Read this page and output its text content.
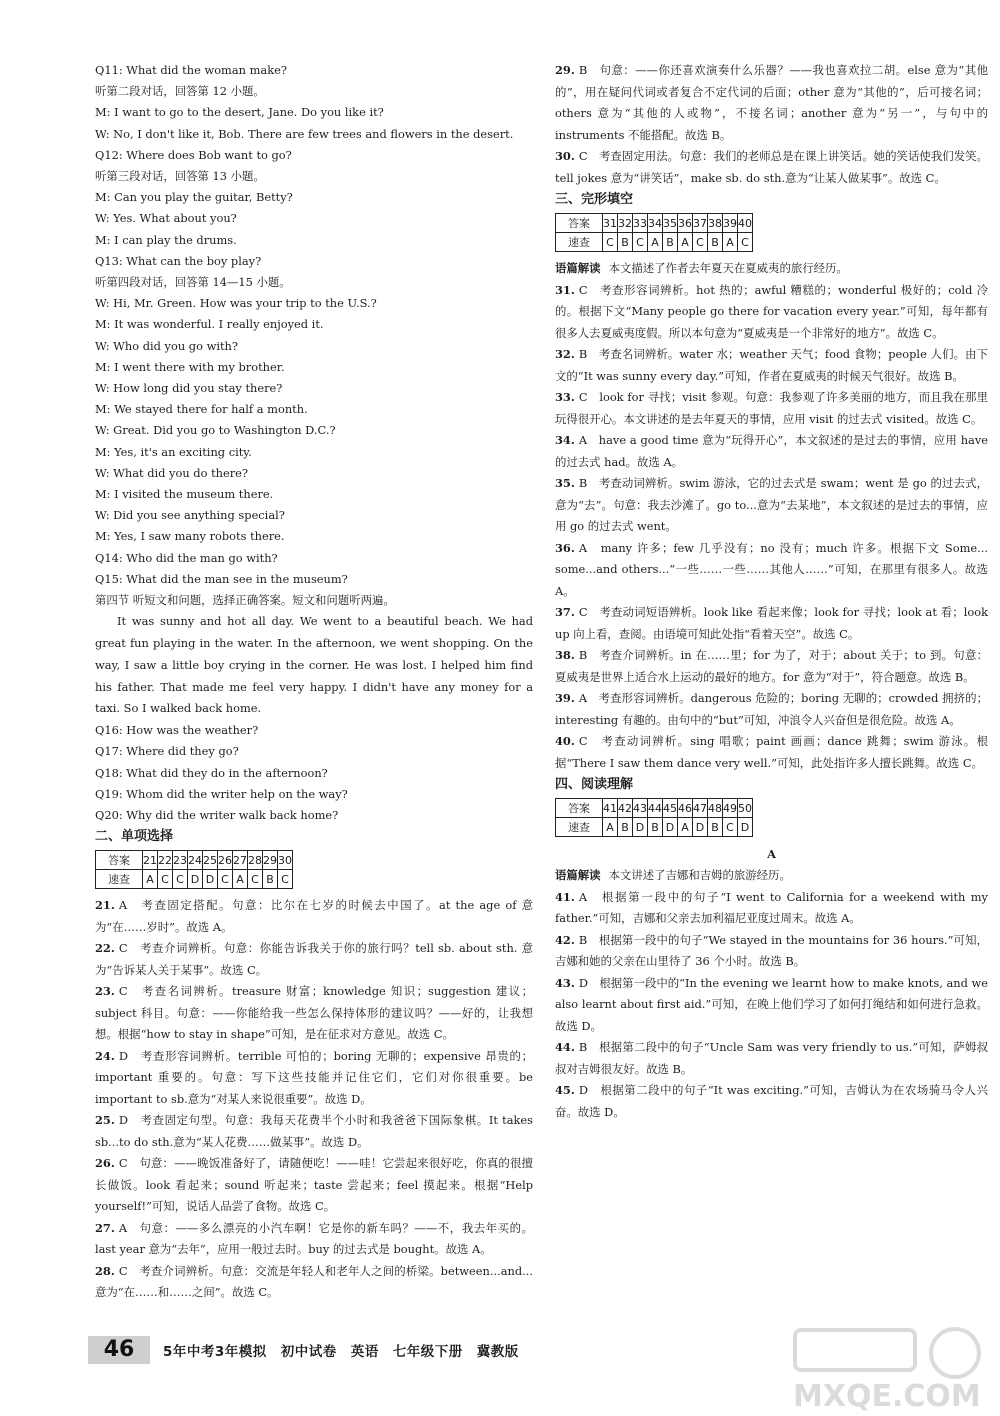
Q11: What did the woman make?
听第二段对话，回答第 12 小题。
M: I want to go to the desert, Jane. Do you like it?
W: No, I don't like it, Bob. There are few trees and flowers in the desert.
Q12: Where does Bob want to go?
听第三段对话，回答第 13 小题。
M: Can you play the guitar, Betty?
W: Yes. What about you?
M: I can play the drums.
Q13: What can the boy play?
听第四段对话，回答第 14—15 小题。
W: Hi, Mr. Green. How was your trip to the U.S.?
M: It was wonderful. I really enjoyed it.
W: Who did you go with?
M: I went there with my brother.
W: How long did you stay there?
M: We stayed there for half a month.
W: Great. Did you go to Washington D.C.?
M: Yes, it's an exciting city.
W: What did you do there?
M: I visited the museum there.
W: Did you see anything special?
M: Yes, I saw many robots there.
Q14: Who did the man go with?
Q15: What did the man see in the museum?
第四节 听短文和问题，选择正确答案。短文和问题听两遍。
It was sunny and hot all day. We went to a beautiful beach. We had great fun playing in the water. In the afternoon, we went shopping. On the way, I saw a little boy crying in the corner. He was lost. I helped him find his father. That made me feel very happy. I didn't have any money for a taxi. So I walked back home.
Q16: How was the weather?
Q17: Where did they go?
Q18: What did they do in the afternoon?
Q19: Whom did the writer help on the way?
Q20: Why did the writer walk back home?
二、单项选择
答案	21	22	23	24	25	26	27	28	29	30
速查	A	C	C	D	D	C	A	C	B	C
21. A　考查固定搭配。句意：比尔在七岁的时候去中国了。at the age of 意为“在……岁时”。故选 A。
22. C　考查介词辨析。句意：你能告诉我关于你的旅行吗？tell sb. about sth. 意为“告诉某人关于某事”。故选 C。
23. C　考查名词辨析。treasure 财富；knowledge 知识；suggestion 建议；subject 科目。句意：——你能给我一些怎么保持体形的建议吗？——好的，让我想想。根据“how to stay in shape”可知，是在征求对方意见。故选 C。
24. D　考查形容词辨析。terrible 可怕的；boring 无聊的；expensive 昂贵的；important 重要的。句意：写下这些技能并记住它们，它们对你很重要。be important to sb.意为“对某人来说很重要”。故选 D。
25. D　考查固定句型。句意：我每天花费半个小时和我爸爸下国际象棋。It takes sb...to do sth.意为“某人花费……做某事”。故选 D。
26. C　句意：——晚饭准备好了，请随便吃！——哇！它尝起来很好吃，你真的很擅长做饭。look 看起来；sound 听起来；taste 尝起来；feel 摸起来。根据“Help yourself!”可知，说话人品尝了食物。故选 C。
27. A　句意：——多么漂亮的小汽车啊！它是你的新车吗？——不，我去年买的。last year 意为“去年”，应用一般过去时。buy 的过去式是 bought。故选 A。
28. C　考查介词辨析。句意：交流是年轻人和老年人之间的桥梁。between...and...意为“在……和……之间”。故选 C。
29. B　句意：——你还喜欢演奏什么乐器？——我也喜欢拉二胡。else 意为“其他的”，用在疑问代词或者复合不定代词的后面；other 意为“其他的”，后可接名词；others 意为“其他的人或物”，不接名词；another 意为“另一”，与句中的 instruments 不能搭配。故选 B。
30. C　考查固定用法。句意：我们的老师总是在课上讲笑话。她的笑话使我们发笑。tell jokes 意为“讲笑话”，make sb. do sth.意为“让某人做某事”。故选 C。
三、完形填空
答案	31	32	33	34	35	36	37	38	39	40
速查	C	B	C	A	B	A	C	B	A	C
语篇解读 本文描述了作者去年夏天在夏威夷的旅行经历。
31. C　考查形容词辨析。hot 热的；awful 糟糕的；wonderful 极好的；cold 冷的。根据下文“Many people go there for vacation every year.”可知，每年都有很多人去夏威夷度假。所以本句意为“夏威夷是一个非常好的地方”。故选 C。
32. B　考查名词辨析。water 水；weather 天气；food 食物；people 人们。由下文的“It was sunny every day.”可知，作者在夏威夷的时候天气很好。故选 B。
33. C　look for 寻找；visit 参观。句意：我参观了许多美丽的地方，而且我在那里玩得很开心。本文讲述的是去年夏天的事情，应用 visit 的过去式 visited。故选 C。
34. A　have a good time 意为“玩得开心”，本文叙述的是过去的事情，应用 have 的过去式 had。故选 A。
35. B　考查动词辨析。swim 游泳，它的过去式是 swam；went 是 go 的过去式，意为“去”。句意：我去沙滩了。go to...意为“去某地”，本文叙述的是过去的事情，应用 go 的过去式 went。
36. A　many 许多；few 几乎没有；no 没有；much 许多。根据下文 Some... some...and others...“一些……一些……其他人……”可知，在那里有很多人。故选 A。
37. C　考查动词短语辨析。look like 看起来像；look for 寻找；look at 看；look up 向上看，查阅。由语境可知此处指“看着天空”。故选 C。
38. B　考查介词辨析。in 在……里；for 为了，对于；about 关于；to 到。句意：夏威夷是世界上适合水上运动的最好的地方。for 意为“对于”，符合题意。故选 B。
39. A　考查形容词辨析。dangerous 危险的；boring 无聊的；crowded 拥挤的；interesting 有趣的。由句中的“but”可知，冲浪令人兴奋但是很危险。故选 A。
40. C　考查动词辨析。sing 唱歌；paint 画画；dance 跳舞；swim 游泳。根据“There I saw them dance very well.”可知，此处指许多人擅长跳舞。故选 C。
四、阅读理解
答案	41	42	43	44	45	46	47	48	49	50
速查	A	B	D	B	D	A	D	B	C	D
A
语篇解读 本文讲述了吉娜和吉姆的旅游经历。
41. A　根据第一段中的句子“I went to California for a weekend with my father.”可知，吉娜和父亲去加利福尼亚度过周末。故选 A。
42. B　根据第一段中的句子“We stayed in the mountains for 36 hours.”可知，吉娜和她的父亲在山里待了 36 个小时。故选 B。
43. D　根据第一段中的“In the evening we learnt how to make knots, and we also learnt about first aid.”可知，在晚上他们学习了如何打绳结和如何进行急救。故选 D。
44. B　根据第二段中的句子“Uncle Sam was very friendly to us.”可知，萨姆叔叔对吉姆很友好。故选 B。
45. D　根据第二段中的句子“It was exciting.”可知，吉姆认为在农场骑马令人兴奋。故选 D。
46	5年中考3年模拟　初中试卷　英语　七年级下册　冀教版
MXQE.COM
